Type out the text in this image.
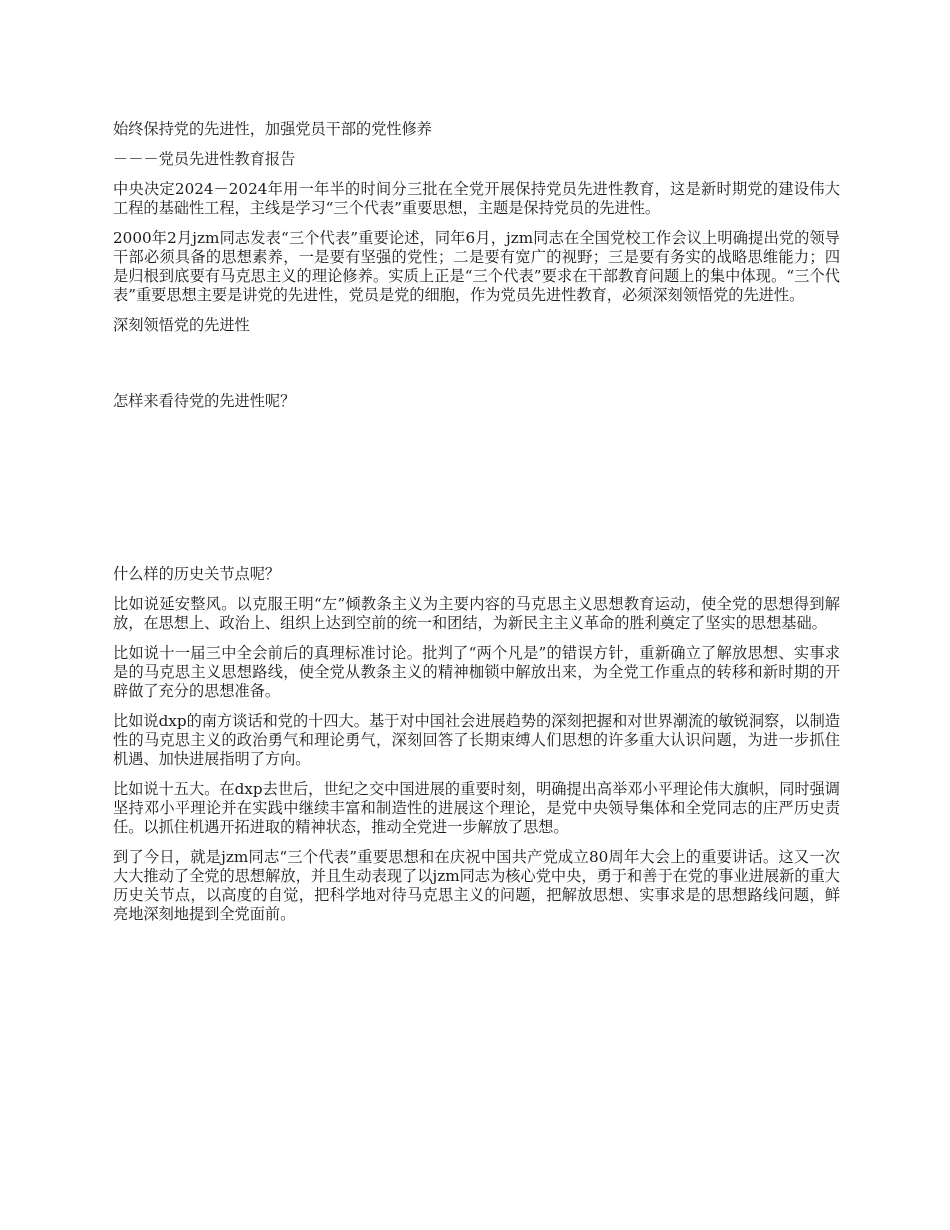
始终保持党的先进性，加强党员干部的党性修养

－－－党员先进性教育报告

中央决定2024－2024年用一年半的时间分三批在全党开展保持党员先进性教育，这是新时期党的建设伟大工程的基础性工程，主线是学习“三个代表”重要思想，主题是保持党员的先进性。

2000年2月jzm同志发表“三个代表”重要论述，同年6月，jzm同志在全国党校工作会议上明确提出党的领导干部必须具备的思想素养，一是要有坚强的党性；二是要有宽广的视野；三是要有务实的战略思维能力；四是归根到底要有马克思主义的理论修养。实质上正是“三个代表”要求在干部教育问题上的集中体现。“三个代表”重要思想主要是讲党的先进性，党员是党的细胞，作为党员先进性教育，必须深刻领悟党的先进性。

深刻领悟党的先进性

怎样来看待党的先进性呢？

什么样的历史关节点呢？

比如说延安整风。以克服王明“左”倾教条主义为主要内容的马克思主义思想教育运动，使全党的思想得到解放，在思想上、政治上、组织上达到空前的统一和团结，为新民主主义革命的胜利奠定了坚实的思想基础。

比如说十一届三中全会前后的真理标准讨论。批判了“两个凡是”的错误方针，重新确立了解放思想、实事求是的马克思主义思想路线，使全党从教条主义的精神枷锁中解放出来，为全党工作重点的转移和新时期的开辟做了充分的思想准备。

比如说dxp的南方谈话和党的十四大。基于对中国社会进展趋势的深刻把握和对世界潮流的敏锐洞察，以制造性的马克思主义的政治勇气和理论勇气，深刻回答了长期束缚人们思想的许多重大认识问题，为进一步抓住机遇、加快进展指明了方向。

比如说十五大。在dxp去世后，世纪之交中国进展的重要时刻，明确提出高举邓小平理论伟大旗帜，同时强调坚持邓小平理论并在实践中继续丰富和制造性的进展这个理论，是党中央领导集体和全党同志的庄严历史责任。以抓住机遇开拓进取的精神状态，推动全党进一步解放了思想。

到了今日，就是jzm同志“三个代表”重要思想和在庆祝中国共产党成立80周年大会上的重要讲话。这又一次大大推动了全党的思想解放，并且生动表现了以jzm同志为核心党中央，勇于和善于在党的事业进展新的重大历史关节点，以高度的自觉，把科学地对待马克思主义的问题，把解放思想、实事求是的思想路线问题，鲜亮地深刻地提到全党面前。
